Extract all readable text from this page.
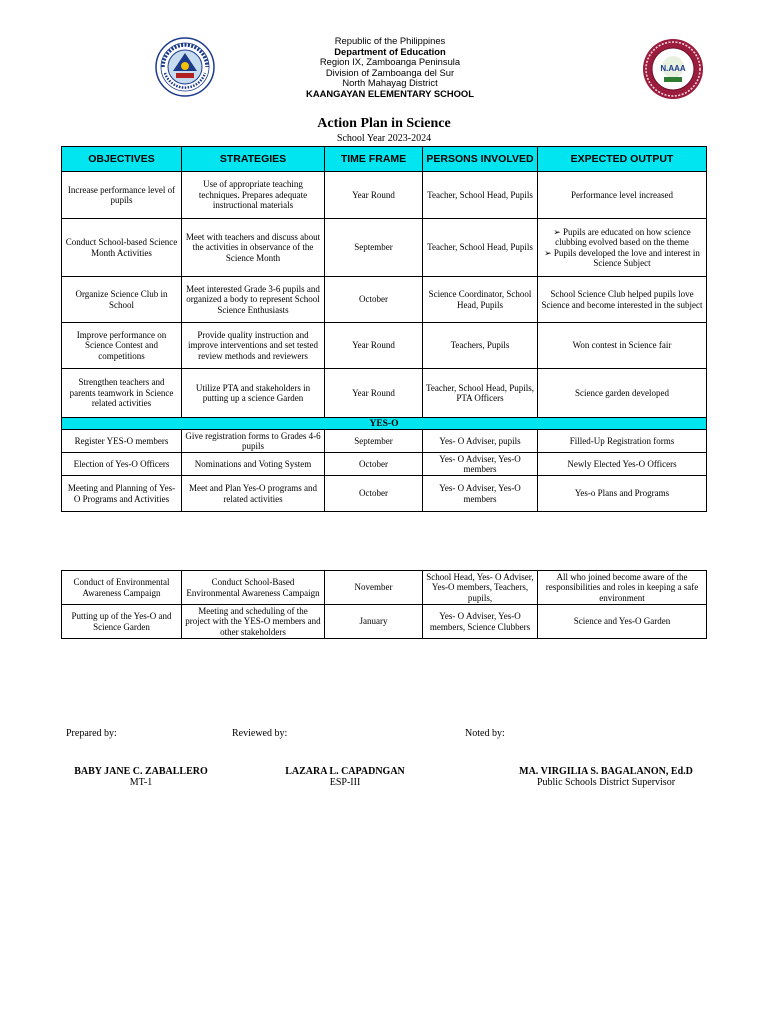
Republic of the Philippines
Department of Education
Region IX, Zamboanga Peninsula
Division of Zamboanga del Sur
North Mahayag District
KAANGAYAN ELEMENTARY SCHOOL
N.AAA
Action Plan in Science
School Year 2023-2024
OBJECTIVES	STRATEGIES	TIME FRAME	PERSONS INVOLVED	EXPECTED OUTPUT
Increase performance level of pupils	Use of appropriate teaching techniques. Prepares adequate instructional materials	Year Round	Teacher, School Head, Pupils	Performance level increased
Conduct School-based Science Month Activities	Meet with teachers and discuss about the activities in observance of the Science Month	September	Teacher, School Head, Pupils	➢ Pupils are educated on how science clubbing evolved based on the theme
➢ Pupils developed the love and interest in Science Subject

Organize Science Club in School	Meet interested Grade 3-6 pupils and organized a body to represent School Science Enthusiasts	October	Science Coordinator, School Head, Pupils	School Science Club helped pupils love Science and become interested in the subject
Improve performance on Science Contest and competitions	Provide quality instruction and improve interventions and set tested review methods and reviewers	Year Round	Teachers, Pupils	Won contest in Science fair
Strengthen teachers and parents teamwork in Science related activities	Utilize PTA and stakeholders in putting up a science Garden	Year Round	Teacher, School Head, Pupils, PTA Officers	Science garden developed
YES-O				
Register YES-O members	Give registration forms to Grades 4-6 pupils	September	Yes- O Adviser, pupils	Filled-Up Registration forms
Election of Yes-O Officers	Nominations and Voting System	October	Yes- O Adviser, Yes-O members	Newly Elected Yes-O Officers
Meeting and Planning of Yes-O Programs and Activities	Meet and Plan Yes-O programs and related activities	October	Yes- O Adviser, Yes-O members	Yes-o Plans and Programs
Conduct of Environmental Awareness Campaign	Conduct School-Based Environmental Awareness Campaign	November	School Head, Yes- O Adviser, Yes-O members, Teachers, pupils,	All who joined become aware of the responsibilities and roles in keeping a safe environment
Putting up of the Yes-O and Science Garden	Meeting and scheduling of the project with the YES-O members and other stakeholders	January	Yes- O Adviser, Yes-O members, Science Clubbers	Science and Yes-O Garden
Prepared by:	Reviewed by:	Noted by:
BABY JANE C. ZABALLERO
MT-1
LAZARA L. CAPADNGAN
ESP-III
MA. VIRGILIA S. BAGALANON, Ed.D
Public Schools District Supervisor
